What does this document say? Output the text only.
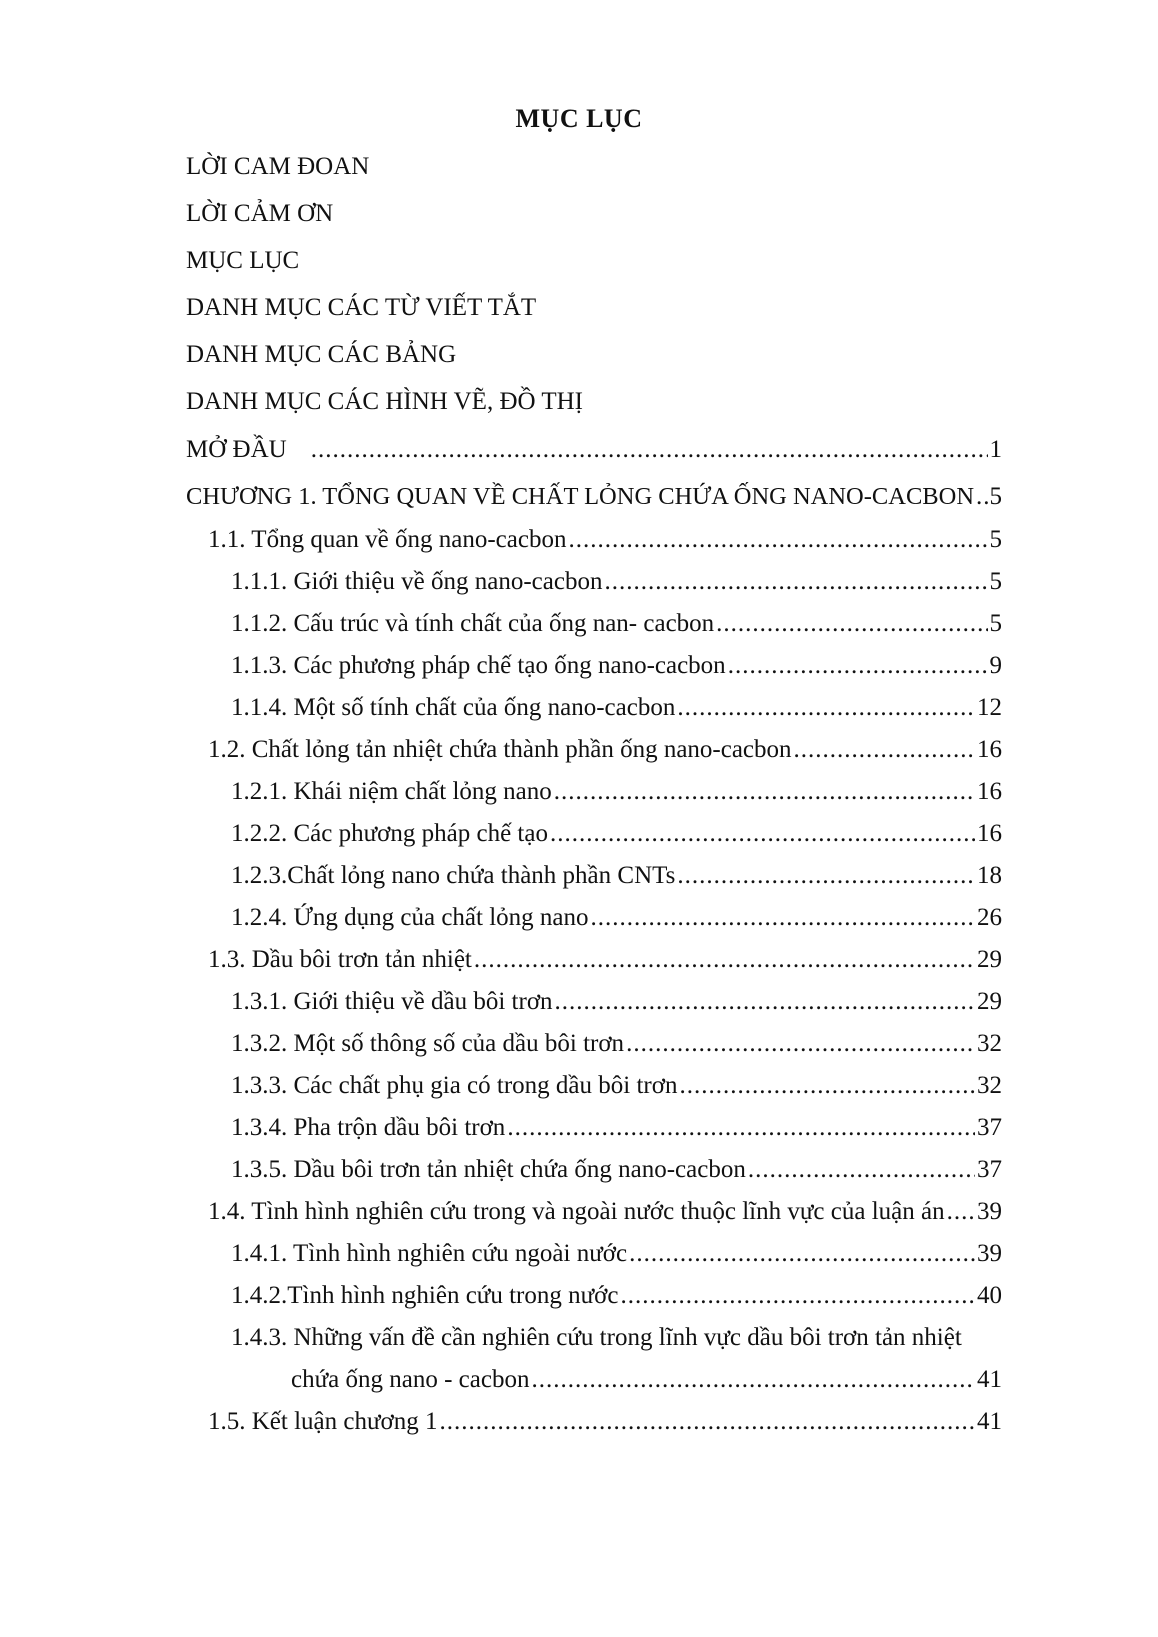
MỤC LỤC
LỜI CAM ĐOAN
LỜI CẢM ƠN
MỤC LỤC
DANH MỤC CÁC TỪ VIẾT TẮT
DANH MỤC CÁC BẢNG
DANH MỤC CÁC HÌNH VẼ, ĐỒ THỊ
MỞ ĐẦU .....	1
CHƯƠNG 1. TỔNG QUAN VỀ CHẤT LỎNG CHỨA ỐNG NANO-CACBON ..... 5
1.1. Tổng quan về ống nano-cacbon .....	5
1.1.1. Giới thiệu về ống nano-cacbon .....	5
1.1.2. Cấu trúc và tính chất của ống nan- cacbon .....	5
1.1.3. Các phương pháp chế tạo ống nano-cacbon .....	9
1.1.4. Một số tính chất của ống nano-cacbon .....	12
1.2. Chất lỏng tản nhiệt chứa thành phần ống nano-cacbon .....	16
1.2.1. Khái niệm chất lỏng nano .....	16
1.2.2. Các phương pháp chế tạo .....	16
1.2.3.Chất lỏng nano chứa thành phần CNTs .....	18
1.2.4. Ứng dụng của chất lỏng nano .....	26
1.3. Dầu bôi trơn tản nhiệt .....	29
1.3.1. Giới thiệu về dầu bôi trơn .....	29
1.3.2. Một số thông số của dầu bôi trơn .....	32
1.3.3. Các chất phụ gia có trong dầu bôi trơn .....	32
1.3.4. Pha trộn dầu bôi trơn .....	37
1.3.5. Dầu bôi trơn tản nhiệt chứa ống nano-cacbon .....	37
1.4. Tình hình nghiên cứu trong và ngoài nước thuộc lĩnh vực của luận án ..... 39
1.4.1. Tình hình nghiên cứu ngoài nước .....	39
1.4.2.Tình hình nghiên cứu trong nước .....	40
1.4.3. Những vấn đề cần nghiên cứu trong lĩnh vực dầu bôi trơn tản nhiệt
chứa ống nano - cacbon .....	41
1.5. Kết luận chương 1 .....	41
